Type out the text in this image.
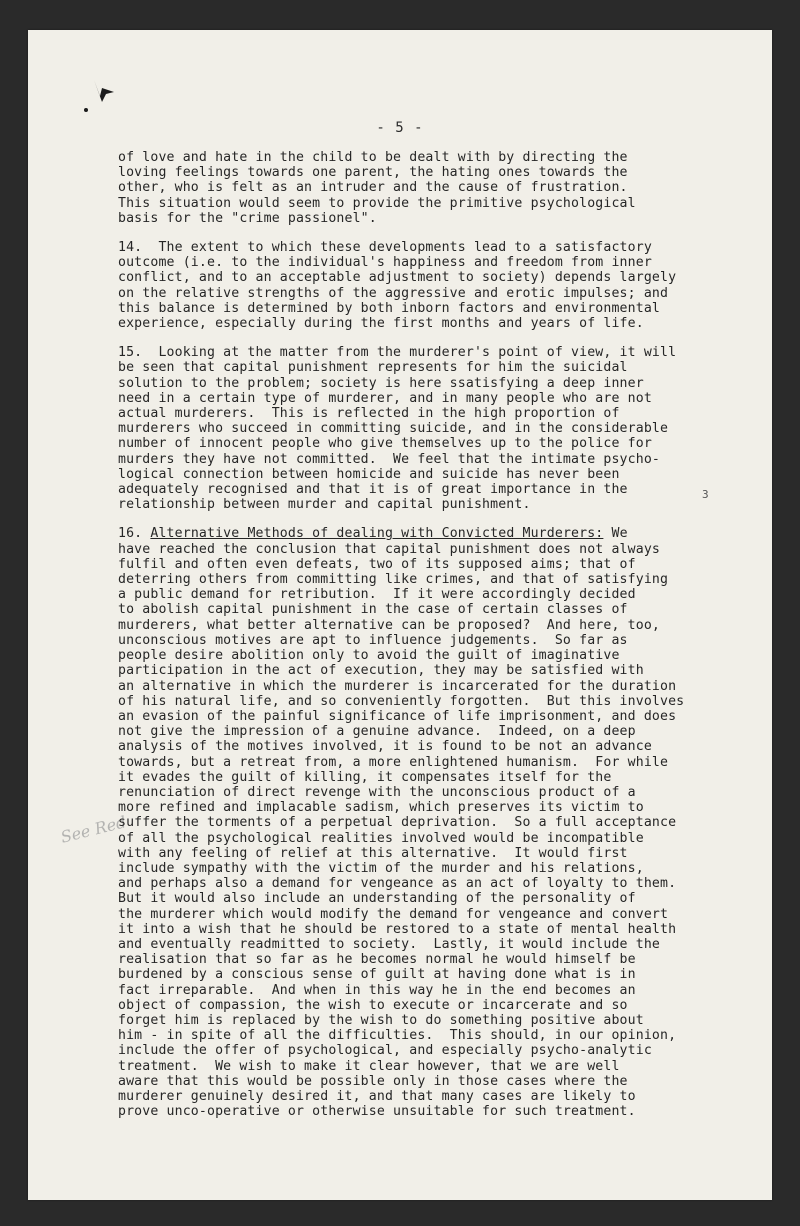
- 5 -
See Red
3
of love and hate in the child to be dealt with by directing the
loving feelings towards one parent, the hating ones towards the
other, who is felt as an intruder and the cause of frustration.
This situation would seem to provide the primitive psychological
basis for the "crime passionel".
14.  The extent to which these developments lead to a satisfactory
outcome (i.e. to the individual's happiness and freedom from inner
conflict, and to an acceptable adjustment to society) depends largely
on the relative strengths of the aggressive and erotic impulses; and
this balance is determined by both inborn factors and environmental
experience, especially during the first months and years of life.
15.  Looking at the matter from the murderer's point of view, it will
be seen that capital punishment represents for him the suicidal
solution to the problem; society is here ssatisfying a deep inner
need in a certain type of murderer, and in many people who are not
actual murderers.  This is reflected in the high proportion of
murderers who succeed in committing suicide, and in the considerable
number of innocent people who give themselves up to the police for
murders they have not committed.  We feel that the intimate psycho-
logical connection between homicide and suicide has never been
adequately recognised and that it is of great importance in the
relationship between murder and capital punishment.
16. Alternative Methods of dealing with Convicted Murderers: We
have reached the conclusion that capital punishment does not always
fulfil and often even defeats, two of its supposed aims; that of
deterring others from committing like crimes, and that of satisfying
a public demand for retribution.  If it were accordingly decided
to abolish capital punishment in the case of certain classes of
murderers, what better alternative can be proposed?  And here, too,
unconscious motives are apt to influence judgements.  So far as
people desire abolition only to avoid the guilt of imaginative
participation in the act of execution, they may be satisfied with
an alternative in which the murderer is incarcerated for the duration
of his natural life, and so conveniently forgotten.  But this involves
an evasion of the painful significance of life imprisonment, and does
not give the impression of a genuine advance.  Indeed, on a deep
analysis of the motives involved, it is found to be not an advance
towards, but a retreat from, a more enlightened humanism.  For while
it evades the guilt of killing, it compensates itself for the
renunciation of direct revenge with the unconscious product of a
more refined and implacable sadism, which preserves its victim to
suffer the torments of a perpetual deprivation.  So a full acceptance
of all the psychological realities involved would be incompatible
with any feeling of relief at this alternative.  It would first
include sympathy with the victim of the murder and his relations,
and perhaps also a demand for vengeance as an act of loyalty to them.
But it would also include an understanding of the personality of
the murderer which would modify the demand for vengeance and convert
it into a wish that he should be restored to a state of mental health
and eventually readmitted to society.  Lastly, it would include the
realisation that so far as he becomes normal he would himself be
burdened by a conscious sense of guilt at having done what is in
fact irreparable.  And when in this way he in the end becomes an
object of compassion, the wish to execute or incarcerate and so
forget him is replaced by the wish to do something positive about
him - in spite of all the difficulties.  This should, in our opinion,
include the offer of psychological, and especially psycho-analytic
treatment.  We wish to make it clear however, that we are well
aware that this would be possible only in those cases where the
murderer genuinely desired it, and that many cases are likely to
prove unco-operative or otherwise unsuitable for such treatment.
